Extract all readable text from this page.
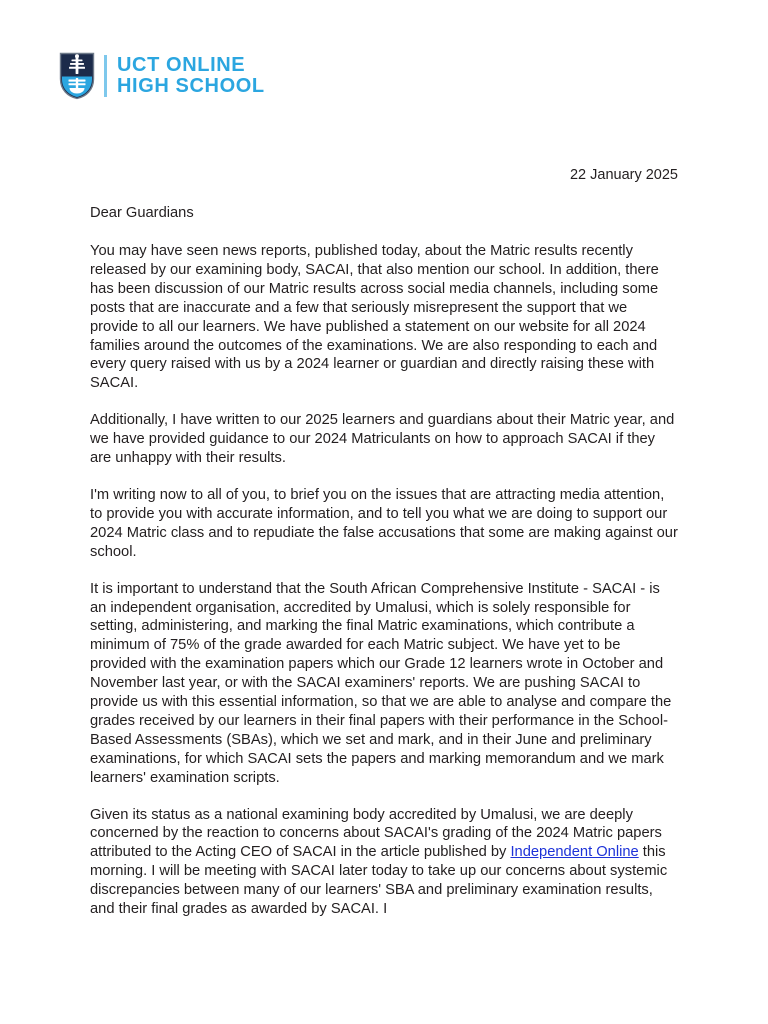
UCT ONLINE
HIGH SCHOOL
22 January 2025

Dear Guardians

You may have seen news reports, published today, about the Matric results recently released by our examining body, SACAI, that also mention our school. In addition, there has been discussion of our Matric results across social media channels, including some posts that are inaccurate and a few that seriously misrepresent the support that we provide to all our learners. We have published a statement on our website for all 2024 families around the outcomes of the examinations. We are also responding to each and every query raised with us by a 2024 learner or guardian and directly raising these with SACAI.

Additionally, I have written to our 2025 learners and guardians about their Matric year, and we have provided guidance to our 2024 Matriculants on how to approach SACAI if they are unhappy with their results.

I'm writing now to all of you, to brief you on the issues that are attracting media attention, to provide you with accurate information, and to tell you what we are doing to support our 2024 Matric class and to repudiate the false accusations that some are making against our school.

It is important to understand that the South African Comprehensive Institute - SACAI - is an independent organisation, accredited by Umalusi, which is solely responsible for setting, administering, and marking the final Matric examinations, which contribute a minimum of 75% of the grade awarded for each Matric subject. We have yet to be provided with the examination papers which our Grade 12 learners wrote in October and November last year, or with the SACAI examiners' reports. We are pushing SACAI to provide us with this essential information, so that we are able to analyse and compare the grades received by our learners in their final papers with their performance in the School-Based Assessments (SBAs), which we set and mark, and in their June and preliminary examinations, for which SACAI sets the papers and marking memorandum and we mark learners' examination scripts.

Given its status as a national examining body accredited by Umalusi, we are deeply concerned by the reaction to concerns about SACAI's grading of the 2024 Matric papers attributed to the Acting CEO of SACAI in the article published by Independent Online this morning. I will be meeting with SACAI later today to take up our concerns about systemic discrepancies between many of our learners' SBA and preliminary examination results, and their final grades as awarded by SACAI. I
